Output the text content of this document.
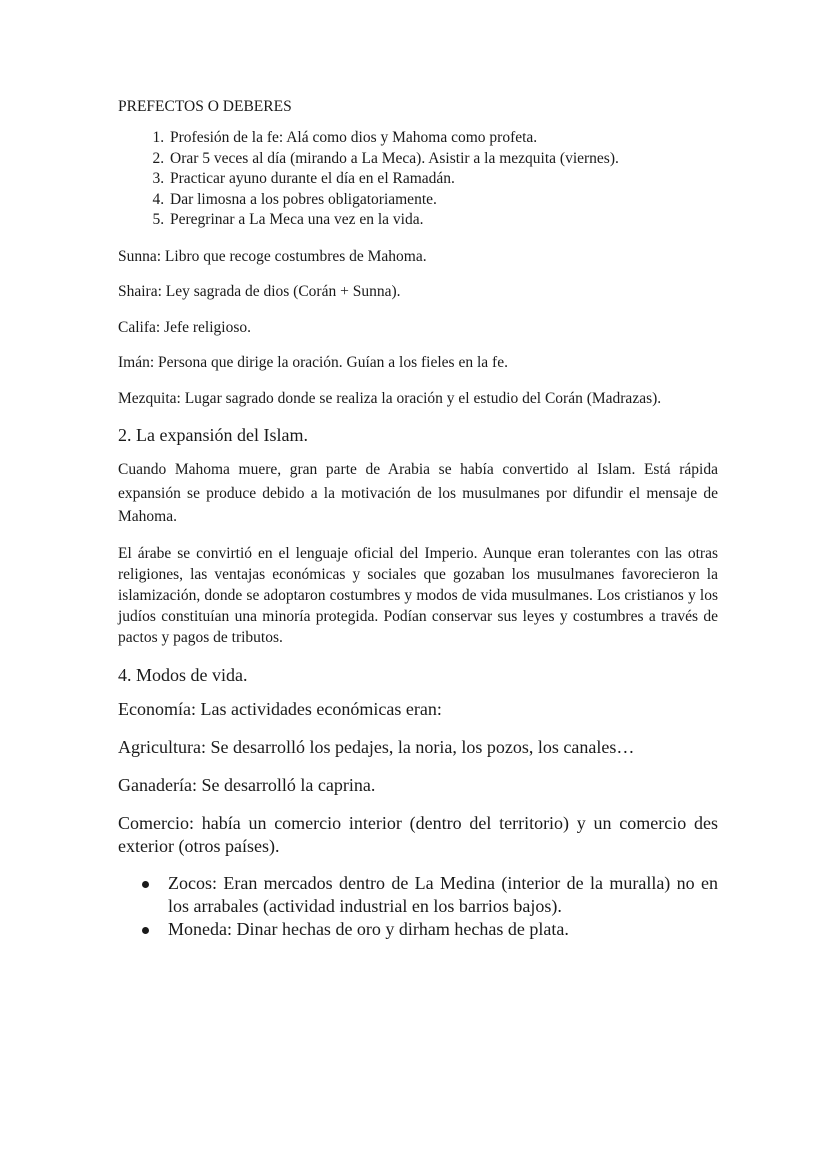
PREFECTOS O DEBERES

1. Profesión de la fe: Alá como dios y Mahoma como profeta.
2. Orar 5 veces al día (mirando a La Meca). Asistir a la mezquita (viernes).
3. Practicar ayuno durante el día en el Ramadán.
4. Dar limosna a los pobres obligatoriamente.
5. Peregrinar a La Meca una vez en la vida.

Sunna: Libro que recoge costumbres de Mahoma.

Shaira: Ley sagrada de dios (Corán + Sunna).

Califa: Jefe religioso.

Imán: Persona que dirige la oración. Guían a los fieles en la fe.

Mezquita: Lugar sagrado donde se realiza la oración y el estudio del Corán (Madrazas).

2. La expansión del Islam.

Cuando Mahoma muere, gran parte de Arabia se había convertido al Islam. Está rápida expansión se produce debido a la motivación de los musulmanes por difundir el mensaje de Mahoma.

El árabe se convirtió en el lenguaje oficial del Imperio. Aunque eran tolerantes con las otras religiones, las ventajas económicas y sociales que gozaban los musulmanes favorecieron la islamización, donde se adoptaron costumbres y modos de vida musulmanes. Los cristianos y los judíos constituían una minoría protegida. Podían conservar sus leyes y costumbres a través de pactos y pagos de tributos.

4. Modos de vida.

Economía: Las actividades económicas eran:

Agricultura: Se desarrolló los pedajes, la noria, los pozos, los canales…

Ganadería: Se desarrolló la caprina.

Comercio: había un comercio interior (dentro del territorio) y un comercio des exterior (otros países).

Zocos: Eran mercados dentro de La Medina (interior de la muralla) no en los arrabales (actividad industrial en los barrios bajos).
Moneda: Dinar hechas de oro y dirham hechas de plata.
